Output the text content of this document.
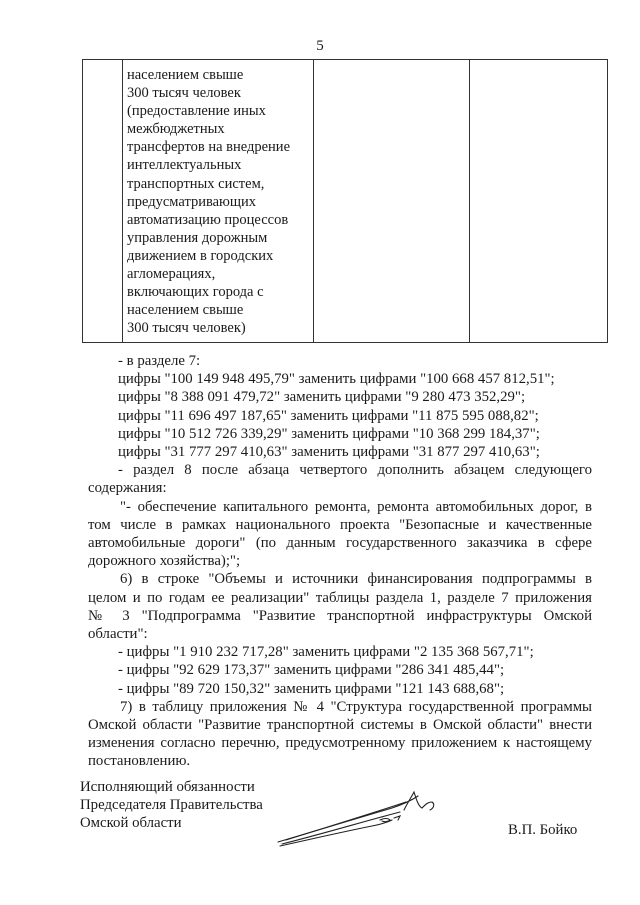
5

населением свыше
300 тысяч человек
(предоставление иных
межбюджетных
трансфертов на внедрение
интеллектуальных
транспортных систем,
предусматривающих
автоматизацию процессов
управления дорожным
движением в городских
агломерациях,
включающих города с
населением свыше
300 тысяч человек)

- в разделе 7:

цифры "100 149 948 495,79" заменить цифрами "100 668 457 812,51";

цифры "8 388 091 479,72" заменить цифрами "9 280 473 352,29";

цифры "11 696 497 187,65" заменить цифрами "11 875 595 088,82";

цифры "10 512 726 339,29" заменить цифрами "10 368 299 184,37";

цифры "31 777 297 410,63" заменить цифрами "31 877 297 410,63";

- раздел 8 после абзаца четвертого дополнить абзацем следующего

содержания:

"- обеспечение капитального ремонта, ремонта автомобильных дорог, в

том числе в рамках национального проекта "Безопасные и качественные

автомобильные дороги" (по данным государственного заказчика в сфере

дорожного хозяйства);";

6) в строке "Объемы и источники финансирования подпрограммы в

целом и по годам ее реализации" таблицы раздела 1, разделе 7 приложения

№ 3 "Подпрограмма "Развитие транспортной инфраструктуры Омской

области":

- цифры "1 910 232 717,28" заменить цифрами "2 135 368 567,71";

- цифры "92 629 173,37" заменить цифрами "286 341 485,44";

- цифры "89 720 150,32" заменить цифрами "121 143 688,68";

7) в таблицу приложения № 4 "Структура государственной программы

Омской области "Развитие транспортной системы в Омской области" внести

изменения согласно перечню, предусмотренному приложением к настоящему

постановлению.

Исполняющий обязанности
Председателя Правительства
Омской области	В.П. Бойко
